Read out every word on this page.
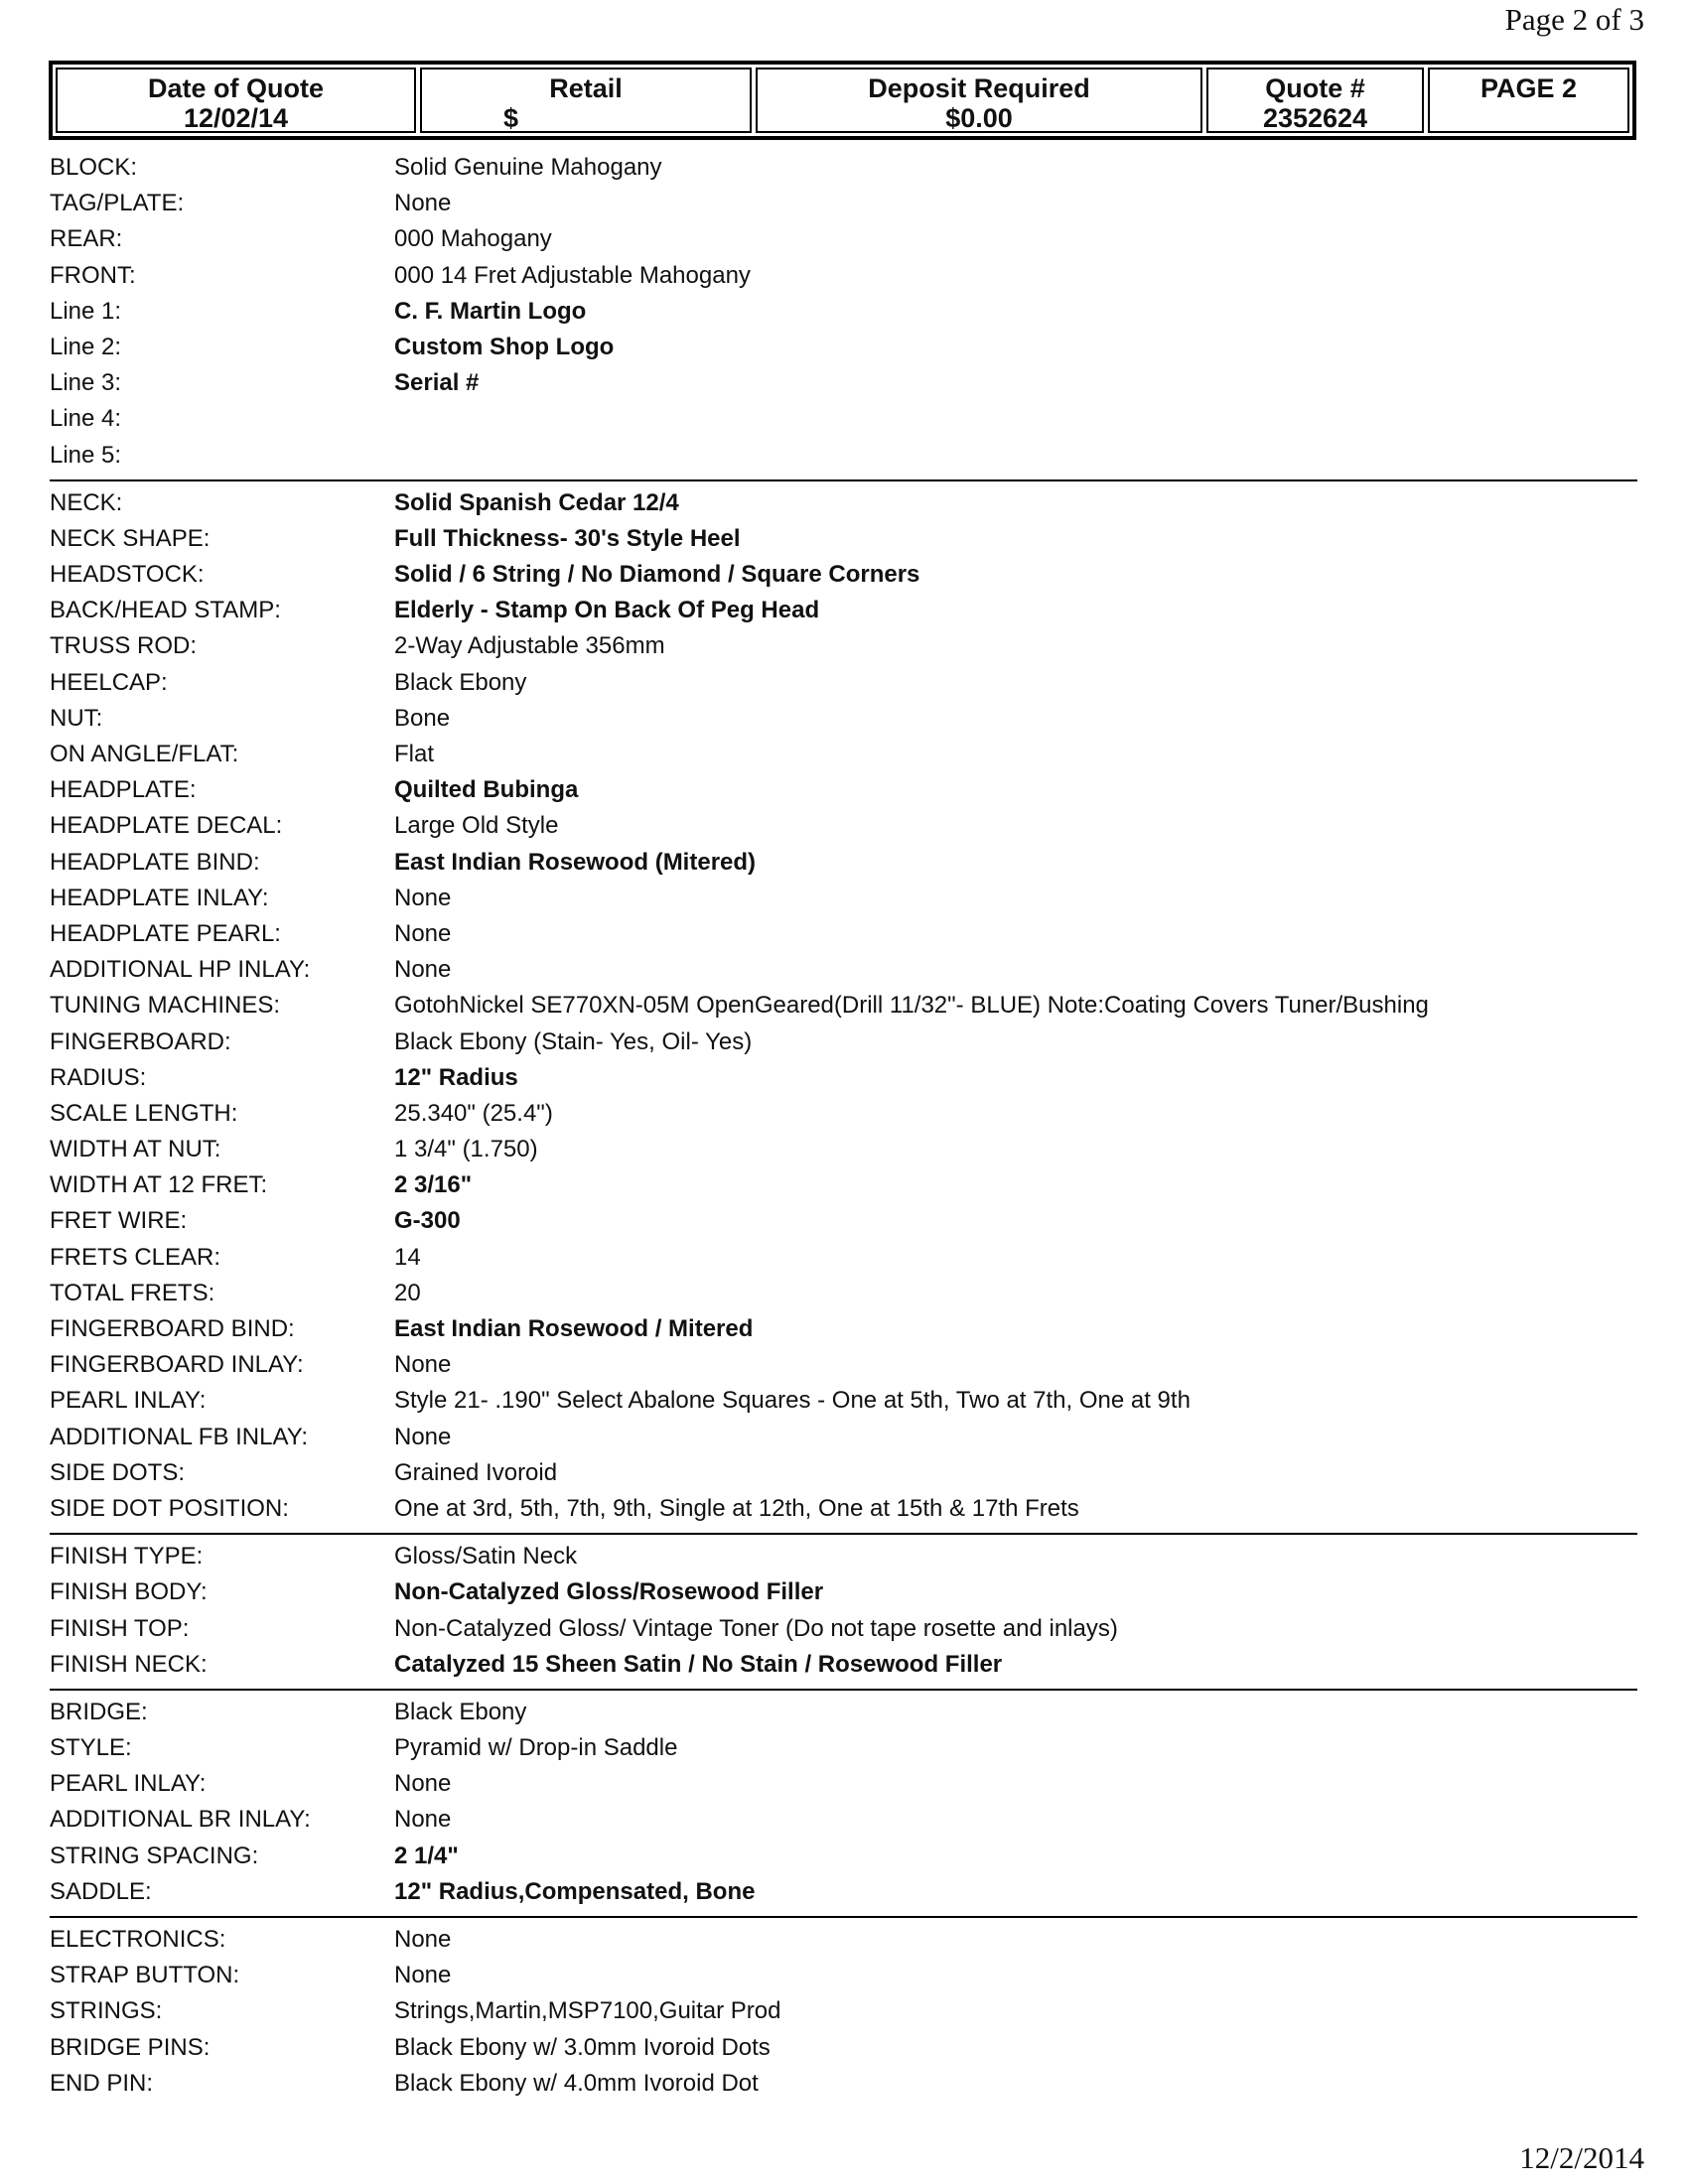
Page 2 of 3
Date of Quote
12/02/14
Retail
$
Deposit Required
$0.00
Quote #
2352624
PAGE 2
BLOCK:	Solid Genuine Mahogany
TAG/PLATE:	None
REAR:	000 Mahogany
FRONT:	000 14 Fret Adjustable Mahogany
Line 1:	C. F. Martin Logo
Line 2:	Custom Shop Logo
Line 3:	Serial #
Line 4:
Line 5:
NECK:	Solid Spanish Cedar 12/4
NECK SHAPE:	Full Thickness- 30's Style Heel
HEADSTOCK:	Solid / 6 String / No Diamond / Square Corners
BACK/HEAD STAMP:	Elderly - Stamp On Back Of Peg Head
TRUSS ROD:	2-Way Adjustable 356mm
HEELCAP:	Black Ebony
NUT:	Bone
ON ANGLE/FLAT:	Flat
HEADPLATE:	Quilted Bubinga
HEADPLATE DECAL:	Large Old Style
HEADPLATE BIND:	East Indian Rosewood (Mitered)
HEADPLATE INLAY:	None
HEADPLATE PEARL:	None
ADDITIONAL HP INLAY:	None
TUNING MACHINES:	GotohNickel SE770XN-05M OpenGeared(Drill 11/32"- BLUE) Note:Coating Covers Tuner/Bushing
FINGERBOARD:	Black Ebony (Stain- Yes, Oil- Yes)
RADIUS:	12" Radius
SCALE LENGTH:	25.340" (25.4")
WIDTH AT NUT:	1 3/4" (1.750)
WIDTH AT 12 FRET:	2 3/16"
FRET WIRE:	G-300
FRETS CLEAR:	14
TOTAL FRETS:	20
FINGERBOARD BIND:	East Indian Rosewood / Mitered
FINGERBOARD INLAY:	None
PEARL INLAY:	Style 21- .190" Select Abalone Squares - One at 5th, Two at 7th, One at 9th
ADDITIONAL FB INLAY:	None
SIDE DOTS:	Grained Ivoroid
SIDE DOT POSITION:	One at 3rd, 5th, 7th, 9th, Single at 12th, One at 15th & 17th Frets
FINISH TYPE:	Gloss/Satin Neck
FINISH BODY:	Non-Catalyzed Gloss/Rosewood Filler
FINISH TOP:	Non-Catalyzed Gloss/ Vintage Toner (Do not tape rosette and inlays)
FINISH NECK:	Catalyzed 15 Sheen Satin / No Stain / Rosewood Filler
BRIDGE:	Black Ebony
STYLE:	Pyramid w/ Drop-in Saddle
PEARL INLAY:	None
ADDITIONAL BR INLAY:	None
STRING SPACING:	2 1/4"
SADDLE:	12" Radius,Compensated, Bone
ELECTRONICS:	None
STRAP BUTTON:	None
STRINGS:	Strings,Martin,MSP7100,Guitar Prod
BRIDGE PINS:	Black Ebony w/ 3.0mm Ivoroid Dots
END PIN:	Black Ebony w/ 4.0mm Ivoroid Dot
12/2/2014
